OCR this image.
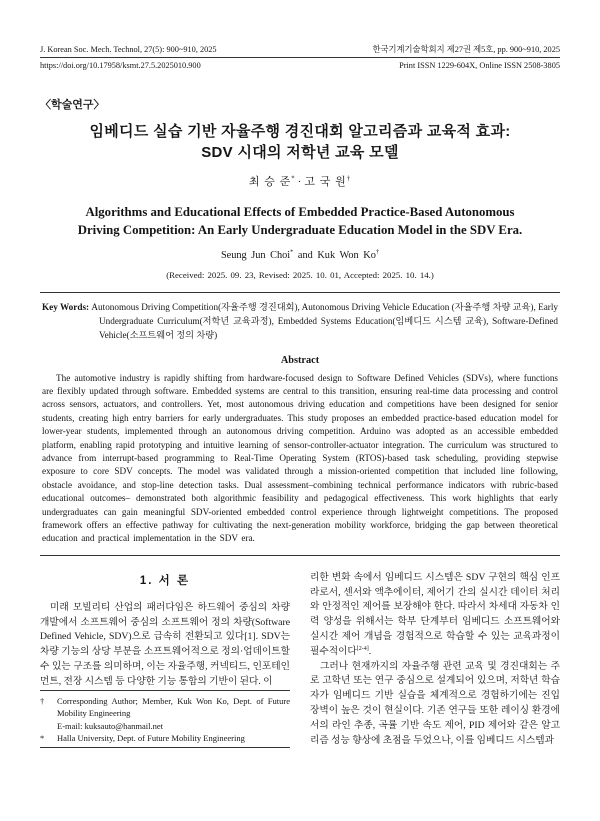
J. Korean Soc. Mech. Technol, 27(5): 900~910, 2025	한국기계기술학회지 제27권 제5호, pp. 900~910, 2025
https://doi.org/10.17958/ksmt.27.5.2025010.900	Print ISSN 1229-604X, Online ISSN 2508-3805
〈학술연구〉
임베디드 실습 기반 자율주행 경진대회 알고리즘과 교육적 효과:
SDV 시대의 저학년 교육 모델
최 승 준* · 고 국 원†
Algorithms and Educational Effects of Embedded Practice-Based Autonomous
Driving Competition: An Early Undergraduate Education Model in the SDV Era.
Seung Jun Choi* and Kuk Won Ko†
(Received: 2025. 09. 23, Revised: 2025. 10. 01, Accepted: 2025. 10. 14.)
Key Words: Autonomous Driving Competition(자율주행 경진대회), Autonomous Driving Vehicle Education (자율주행 차량 교육), Early Undergraduate Curriculum(저학년 교육과정), Embedded Systems Education(임베디드 시스템 교육), Software-Defined Vehicle(소프트웨어 정의 차량)
Abstract
The automotive industry is rapidly shifting from hardware-focused design to Software Defined Vehicles (SDVs), where functions are flexibly updated through software. Embedded systems are central to this transition, ensuring real-time data processing and control across sensors, actuators, and controllers. Yet, most autonomous driving education and competitions have been designed for senior students, creating high entry barriers for early undergraduates. This study proposes an embedded practice-based education model for lower-year students, implemented through an autonomous driving competition. Arduino was adopted as an accessible embedded platform, enabling rapid prototyping and intuitive learning of sensor-controller-actuator integration. The curriculum was structured to advance from interrupt-based programming to Real-Time Operating System (RTOS)-based task scheduling, providing stepwise exposure to core SDV concepts. The model was validated through a mission-oriented competition that included line following, obstacle avoidance, and stop-line detection tasks. Dual assessment–combining technical performance indicators with rubric-based educational outcomes– demonstrated both algorithmic feasibility and pedagogical effectiveness. This work highlights that early undergraduates can gain meaningful SDV-oriented embedded control experience through lightweight competitions. The proposed framework offers an effective pathway for cultivating the next-generation mobility workforce, bridging the gap between theoretical education and practical implementation in the SDV era.
1. 서 론

미래 모빌리티 산업의 패러다임은 하드웨어 중심의 차량 개발에서 소프트웨어 중심의 소프트웨어 정의 차량(Software Defined Vehicle, SDV)으로 급속히 전환되고 있다[1]. SDV는 차량 기능의 상당 부분을 소프트웨어적으로 정의·업데이트할 수 있는 구조를 의미하며, 이는 자율주행, 커넥티드, 인포테인먼트, 전장 시스템 등 다양한 기능 통합의 기반이 된다. 이

† Corresponding Author; Member, Kuk Won Ko, Dept. of Future Mobility Engineering
E-mail: kuksauto@hanmail.net
* Halla University, Dept. of Future Mobility Engineering

리한 변화 속에서 임베디드 시스템은 SDV 구현의 핵심 인프라로서, 센서와 액추에이터, 제어기 간의 실시간 데이터 처리와 안정적인 제어를 보장해야 한다. 따라서 차세대 자동차 인력 양성을 위해서는 학부 단계부터 임베디드 소프트웨어와 실시간 제어 개념을 경험적으로 학습할 수 있는 교육과정이 필수적이다[2-4].

그러나 현재까지의 자율주행 관련 교육 및 경진대회는 주로 고학년 또는 연구 중심으로 설계되어 있으며, 저학년 학습자가 임베디드 기반 실습을 체계적으로 경험하기에는 진입 장벽이 높은 것이 현실이다. 기존 연구들 또한 레이싱 환경에서의 라인 추종, 곡률 기반 속도 제어, PID 제어와 같은 알고리즘 성능 향상에 초점을 두었으나, 이를 임베디드 시스템과
